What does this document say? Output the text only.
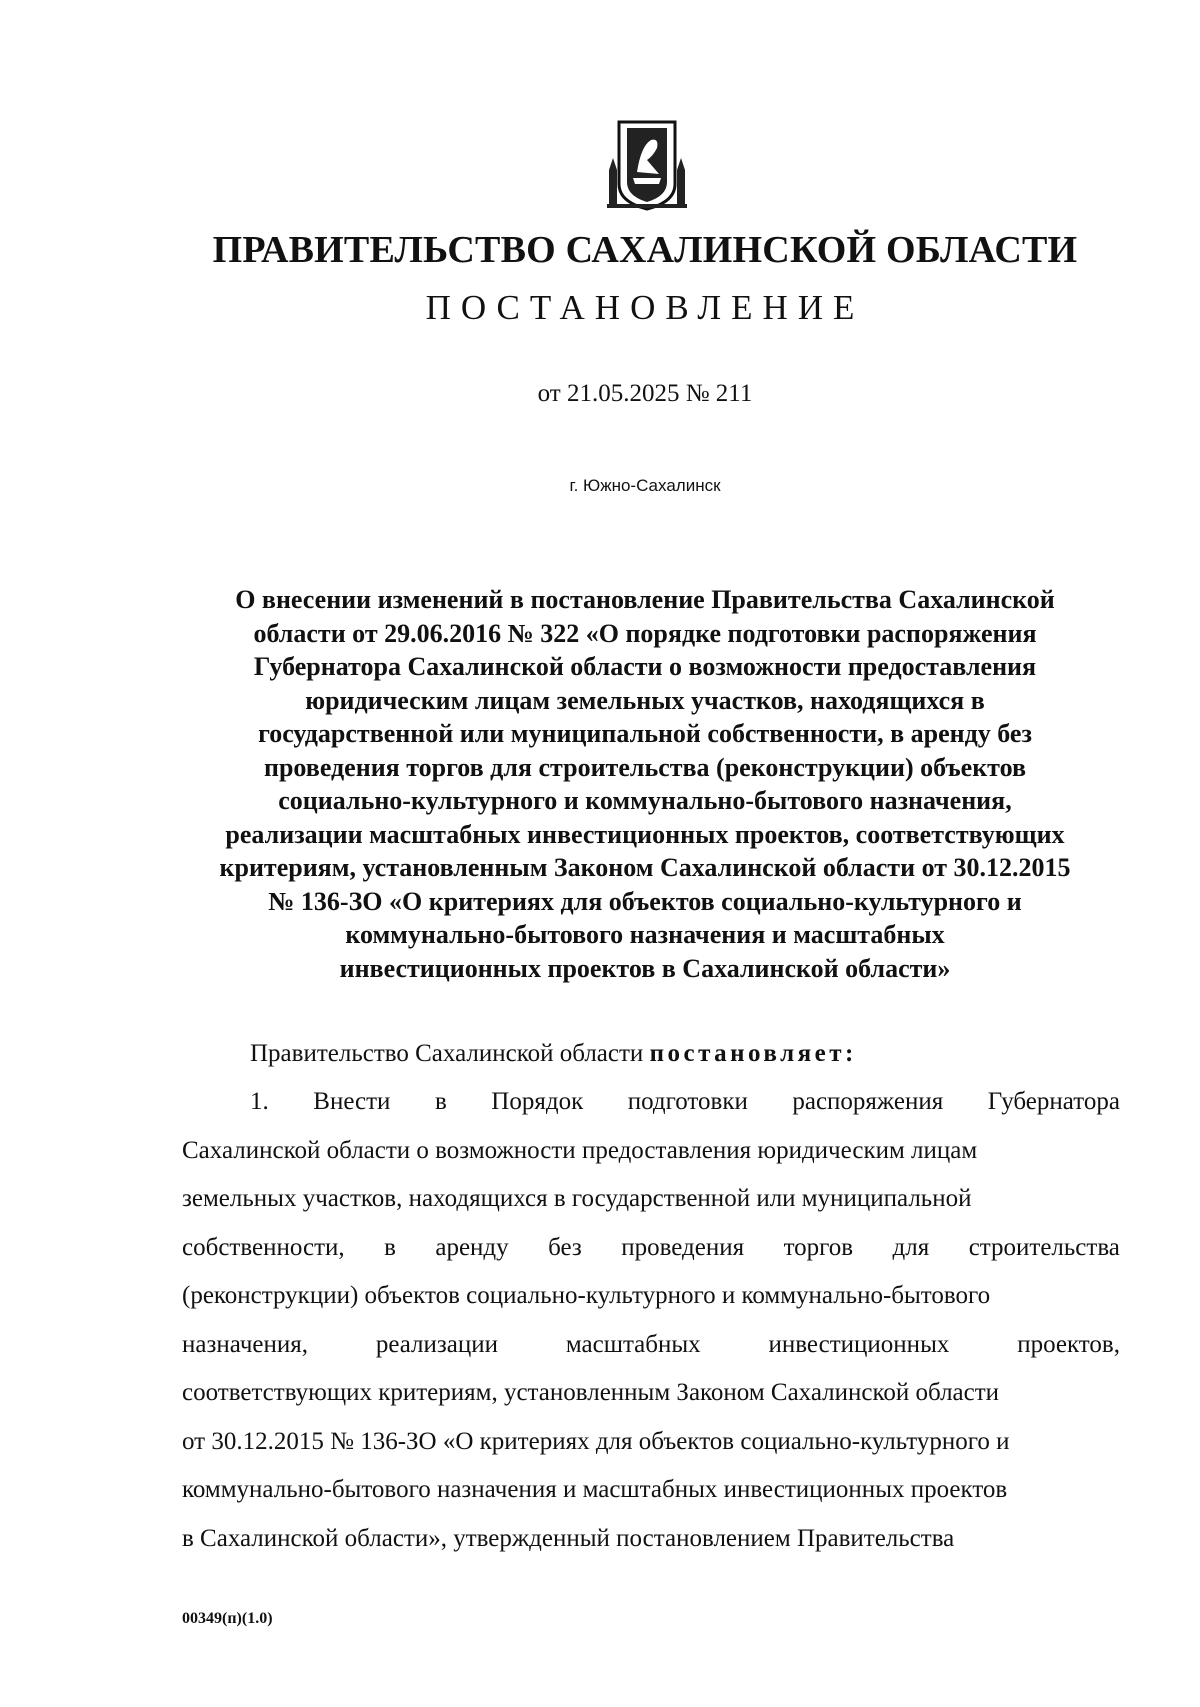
ПРАВИТЕЛЬСТВО САХАЛИНСКОЙ ОБЛАСТИ
ПОСТАНОВЛЕНИЕ
от 21.05.2025 № 211
г. Южно-Сахалинск
О внесении изменений в постановление Правительства Сахалинской
области от 29.06.2016 № 322 «О порядке подготовки распоряжения
Губернатора Сахалинской области о возможности предоставления
юридическим лицам земельных участков, находящихся в
государственной или муниципальной собственности, в аренду без
проведения торгов для строительства (реконструкции) объектов
социально-культурного и коммунально-бытового назначения,
реализации масштабных инвестиционных проектов, соответствующих
критериям, установленным Законом Сахалинской области от 30.12.2015
№ 136-ЗО «О критериях для объектов социально-культурного и
коммунально-бытового назначения и масштабных
инвестиционных проектов в Сахалинской области»
Правительство Сахалинской области постановляет:
1. Внести в Порядок подготовки распоряжения Губернатора
Сахалинской области о возможности предоставления юридическим лицам
земельных участков, находящихся в государственной или муниципальной
собственности, в аренду без проведения торгов для строительства
(реконструкции) объектов социально-культурного и коммунально-бытового
назначения,	реализации	масштабных	инвестиционных	проектов,
соответствующих критериям, установленным Законом Сахалинской области
от 30.12.2015 № 136-ЗО «О критериях для объектов социально-культурного и
коммунально-бытового назначения и масштабных инвестиционных проектов
в Сахалинской области», утвержденный постановлением Правительства
00349(п)(1.0)
